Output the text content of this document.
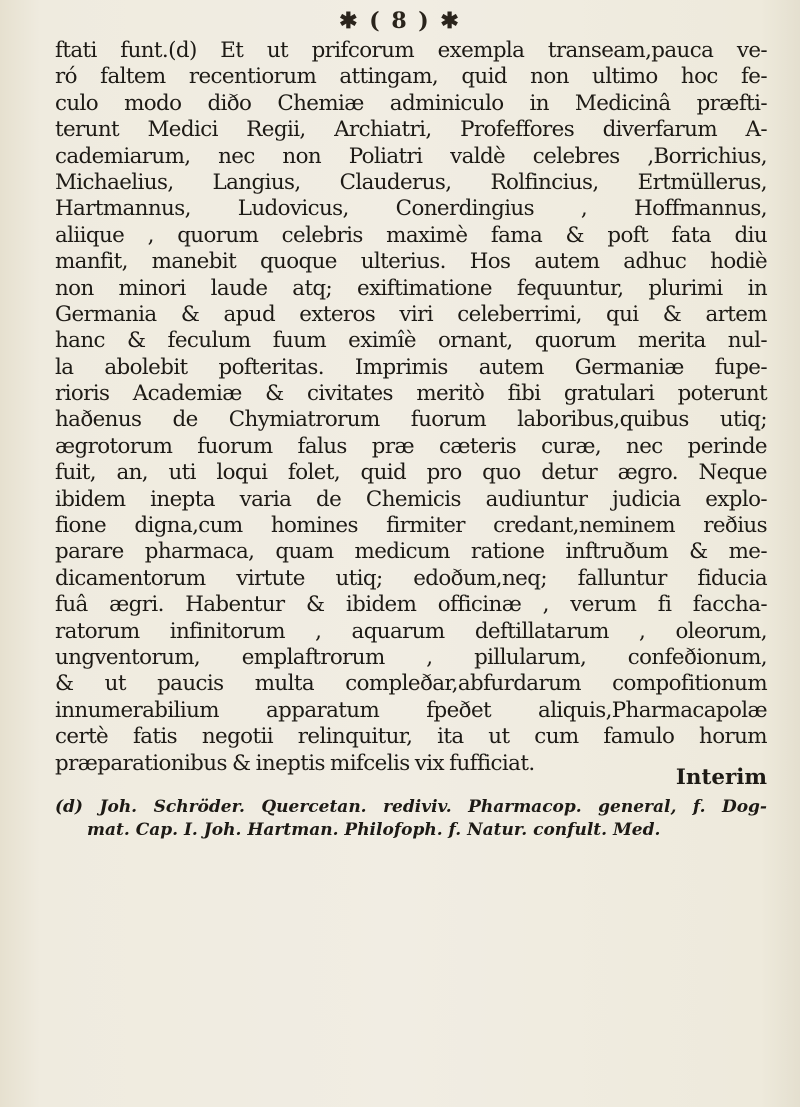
✱ ( 8 ) ✱
ftati funt.(d) Et ut prifcorum exempla transeam,pauca ve-
ró faltem recentiorum attingam, quid non ultimo hoc fe-
culo modo diðo Chemiæ adminiculo in Medicinâ præfti-
terunt Medici Regii, Archiatri, Profeffores diverfarum A-
cademiarum, nec non Poliatri valdè celebres ,Borrichius,
Michaelius, Langius, Clauderus, Rolfincius, Ertmüllerus,
Hartmannus, Ludovicus, Conerdingius , Hoffmannus,
aliique , quorum celebris maximè fama & poft fata diu
manfit, manebit quoque ulterius. Hos autem adhuc hodiè
non minori laude atq; exiftimatione fequuntur, plurimi in
Germania & apud exteros viri celeberrimi, qui & artem
hanc & feculum fuum eximîè ornant, quorum merita nul-
la abolebit pofteritas. Imprimis autem Germaniæ fupe-
rioris Academiæ & civitates meritò fibi gratulari poterunt
haðenus de Chymiatrorum fuorum laboribus,quibus utiq;
ægrotorum fuorum falus præ cæteris curæ, nec perinde
fuit, an, uti loqui folet, quid pro quo detur ægro. Neque
ibidem inepta varia de Chemicis audiuntur judicia explo-
fione digna,cum homines firmiter credant,neminem reðius
parare pharmaca, quam medicum ratione inftruðum & me-
dicamentorum virtute utiq; edoðum,neq; falluntur fiducia
fuâ ægri. Habentur & ibidem officinæ , verum fi faccha-
ratorum infinitorum , aquarum deftillatarum , oleorum,
ungventorum, emplaftrorum , pillularum, confeðionum,
& ut paucis multa compleðar,abfurdarum compofitionum
innumerabilium apparatum fpeðet aliquis,Pharmacapolæ
certè fatis negotii relinquitur, ita ut cum famulo horum
præparationibus & ineptis mifcelis vix fufficiat.
Interim
(d) Joh. Schröder. Quercetan. rediviv. Pharmacop. general, f. Dog-
mat. Cap. I. Joh. Hartman. Philofoph. f. Natur. confult. Med.
